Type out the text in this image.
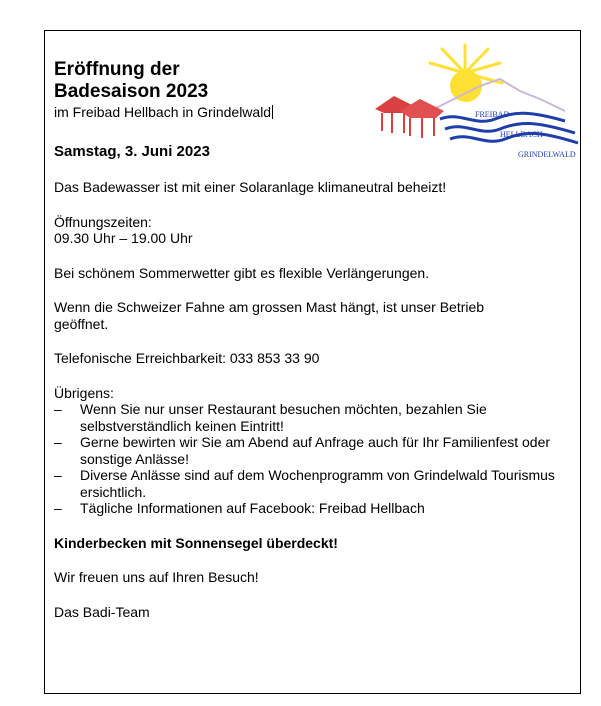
FREIBAD
HELLBACH
GRINDELWALD
Eröffnung der
Badesaison 2023
im Freibad Hellbach in Grindelwald
Samstag, 3. Juni 2023

Das Badewasser ist mit einer Solaranlage klimaneutral beheizt!

Öffnungszeiten:

09.30 Uhr – 19.00 Uhr

Bei schönem Sommerwetter gibt es flexible Verlängerungen.

Wenn die Schweizer Fahne am grossen Mast hängt, ist unser Betrieb geöffnet.

Telefonische Erreichbarkeit: 033 853 33 90

Übrigens:

– Wenn Sie nur unser Restaurant besuchen möchten, bezahlen Sie selbstverständlich keinen Eintritt!
– Gerne bewirten wir Sie am Abend auf Anfrage auch für Ihr Familienfest oder sonstige Anlässe!
– Diverse Anlässe sind auf dem Wochenprogramm von Grindelwald Tourismus ersichtlich.
– Tägliche Informationen auf Facebook: Freibad Hellbach

Kinderbecken mit Sonnensegel überdeckt!

Wir freuen uns auf Ihren Besuch!

Das Badi-Team
